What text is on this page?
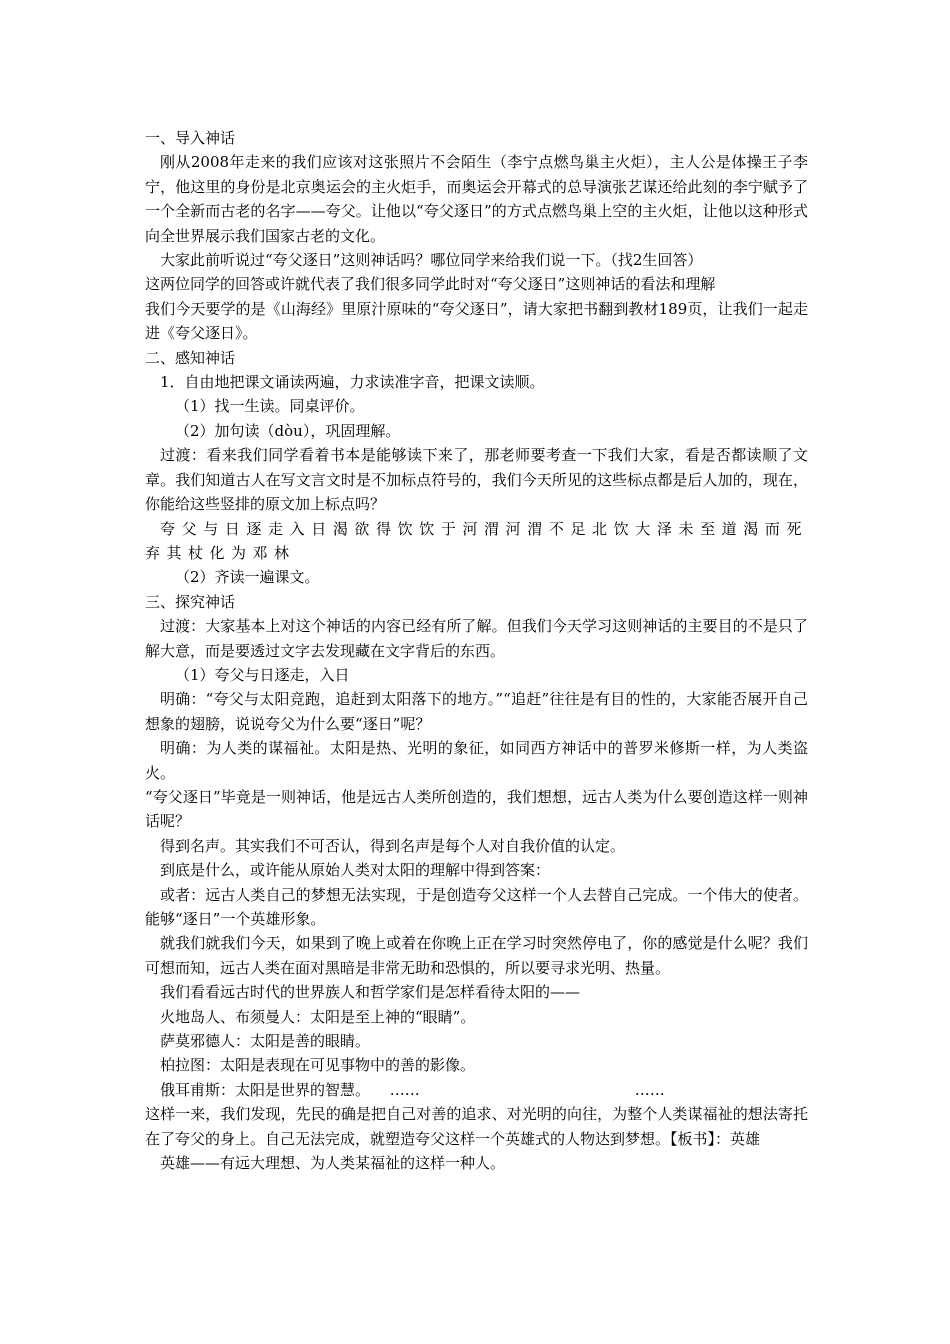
一、导入神话

刚从2008年走来的我们应该对这张照片不会陌生（李宁点燃鸟巢主火炬），主人公是体操王子李宁，他这里的身份是北京奥运会的主火炬手，而奥运会开幕式的总导演张艺谋还给此刻的李宁赋予了一个全新而古老的名字——夸父。让他以“夸父逐日”的方式点燃鸟巢上空的主火炬，让他以这种形式向全世界展示我们国家古老的文化。

大家此前听说过“夸父逐日”这则神话吗？哪位同学来给我们说一下。（找2生回答）

这两位同学的回答或许就代表了我们很多同学此时对“夸父逐日”这则神话的看法和理解

我们今天要学的是《山海经》里原汁原味的“夸父逐日”，请大家把书翻到教材189页，让我们一起走进《夸父逐日》。

二、感知神话

1．自由地把课文诵读两遍，力求读准字音，把课文读顺。

（1）找一生读。同桌评价。

（2）加句读（dòu），巩固理解。

过渡：看来我们同学看着书本是能够读下来了，那老师要考查一下我们大家，看是否都读顺了文章。我们知道古人在写文言文时是不加标点符号的，我们今天所见的这些标点都是后人加的，现在，你能给这些竖排的原文加上标点吗？

夸父与日逐走入日渴欲得饮饮于河渭河渭不足北饮大泽未至道渴而死弃其杖化为邓林

（2）齐读一遍课文。

三、探究神话

过渡：大家基本上对这个神话的内容已经有所了解。但我们今天学习这则神话的主要目的不是只了解大意，而是要透过文字去发现藏在文字背后的东西。

（1）夸父与日逐走，入日

明确：“夸父与太阳竞跑，追赶到太阳落下的地方。”“追赶”往往是有目的性的，大家能否展开自己想象的翅膀，说说夸父为什么要“逐日”呢？

明确：为人类的谋福祉。太阳是热、光明的象征，如同西方神话中的普罗米修斯一样，为人类盗火。

“夸父逐日”毕竟是一则神话，他是远古人类所创造的，我们想想，远古人类为什么要创造这样一则神话呢？

得到名声。其实我们不可否认，得到名声是每个人对自我价值的认定。

到底是什么，或许能从原始人类对太阳的理解中得到答案：

或者：远古人类自己的梦想无法实现，于是创造夸父这样一个人去替自己完成。一个伟大的使者。能够“逐日”一个英雄形象。

就我们就我们今天，如果到了晚上或着在你晚上正在学习时突然停电了，你的感觉是什么呢？我们可想而知，远古人类在面对黑暗是非常无助和恐惧的，所以要寻求光明、热量。

我们看看远古时代的世界族人和哲学家们是怎样看待太阳的——

火地岛人、布须曼人：太阳是至上神的“眼睛”。

萨莫邪德人：太阳是善的眼睛。

柏拉图：太阳是表现在可见事物中的善的影像。

俄耳甫斯：太阳是世界的智慧。 ……	……

这样一来，我们发现，先民的确是把自己对善的追求、对光明的向往，为整个人类谋福祉的想法寄托在了夸父的身上。自己无法完成，就塑造夸父这样一个英雄式的人物达到梦想。【板书】：英雄

英雄——有远大理想、为人类某福祉的这样一种人。
